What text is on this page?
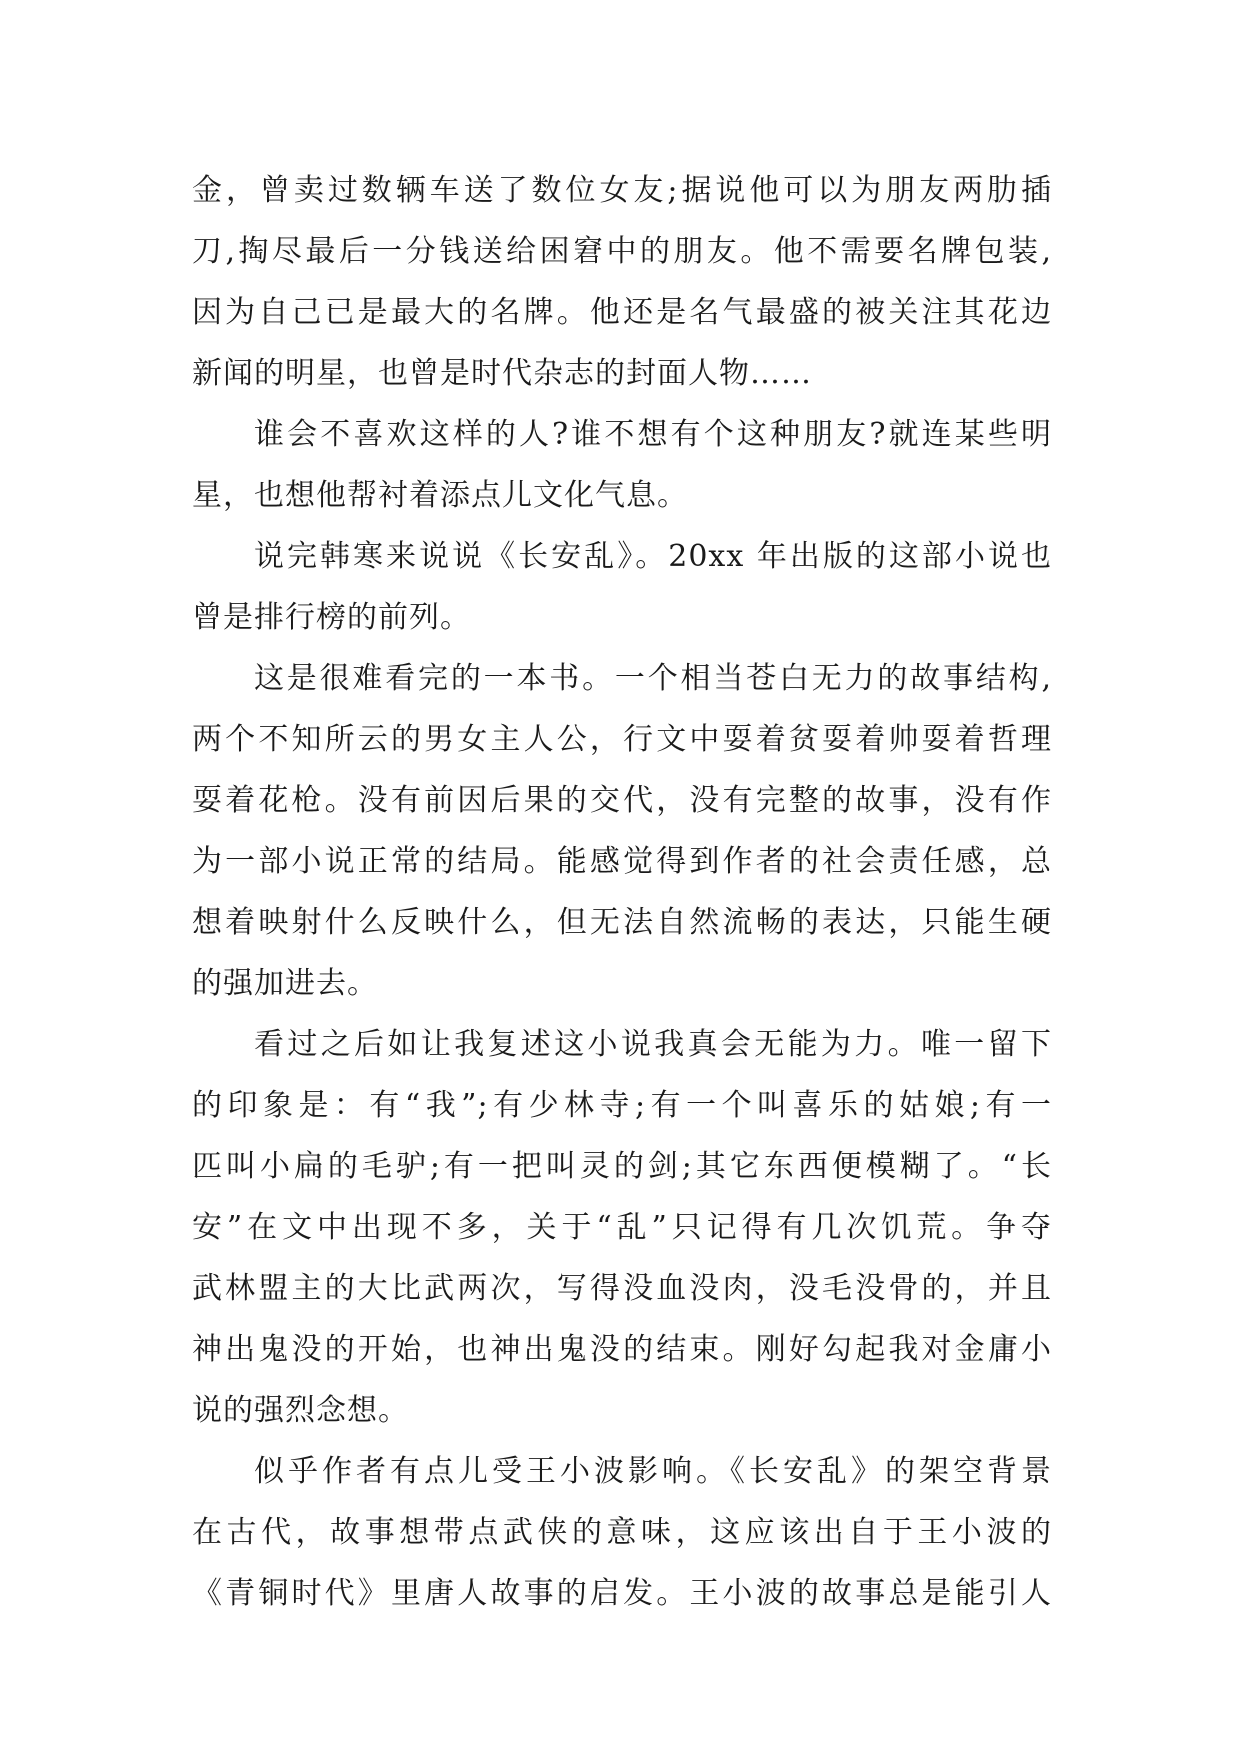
金，曾卖过数辆车送了数位女友;据说他可以为朋友两肋插
刀,掏尽最后一分钱送给困窘中的朋友。他不需要名牌包装,
因为自己已是最大的名牌。他还是名气最盛的被关注其花边
新闻的明星，也曾是时代杂志的封面人物……
谁会不喜欢这样的人?谁不想有个这种朋友?就连某些明
星，也想他帮衬着添点儿文化气息。
说完韩寒来说说《长安乱》。20xx 年出版的这部小说也
曾是排行榜的前列。
这是很难看完的一本书。一个相当苍白无力的故事结构,
两个不知所云的男女主人公，行文中耍着贫耍着帅耍着哲理
耍着花枪。没有前因后果的交代，没有完整的故事，没有作
为一部小说正常的结局。能感觉得到作者的社会责任感，总
想着映射什么反映什么，但无法自然流畅的表达，只能生硬
的强加进去。
看过之后如让我复述这小说我真会无能为力。唯一留下
的印象是：有“我”;有少林寺;有一个叫喜乐的姑娘;有一
匹叫小扁的毛驴;有一把叫灵的剑;其它东西便模糊了。“长
安”在文中出现不多，关于“乱”只记得有几次饥荒。争夺
武林盟主的大比武两次，写得没血没肉，没毛没骨的，并且
神出鬼没的开始，也神出鬼没的结束。刚好勾起我对金庸小
说的强烈念想。
似乎作者有点儿受王小波影响。《长安乱》的架空背景
在古代，故事想带点武侠的意味，这应该出自于王小波的
《青铜时代》里唐人故事的启发。王小波的故事总是能引人
